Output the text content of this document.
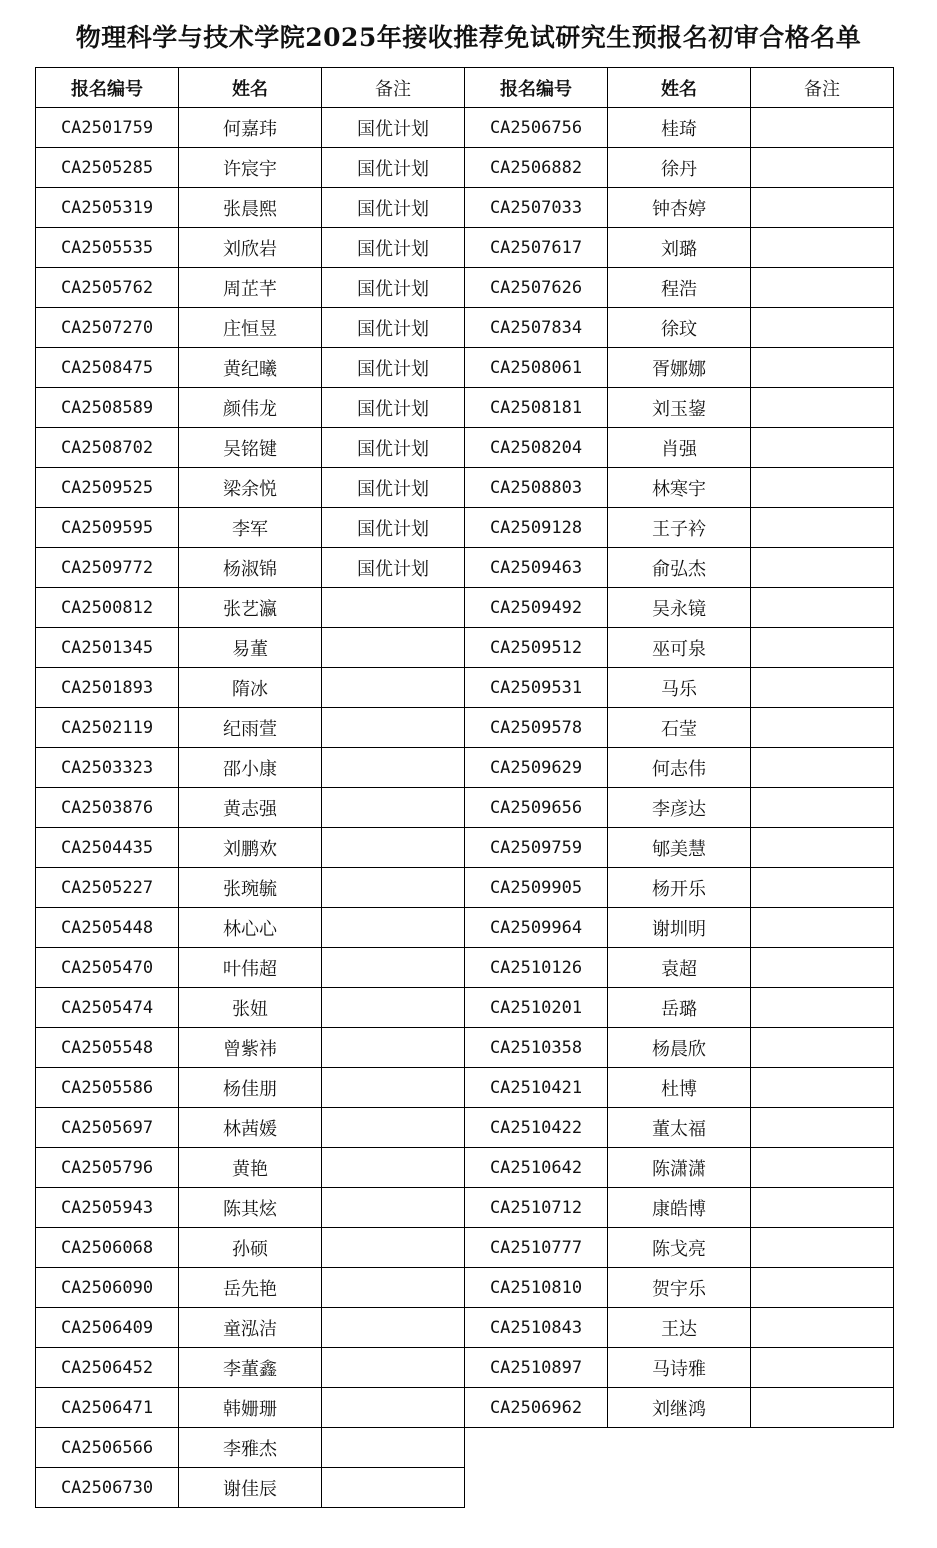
物理科学与技术学院2025年接收推荐免试研究生预报名初审合格名单
报名编号	姓名	备注	报名编号	姓名	备注
CA2501759	何嘉玮	国优计划	CA2506756	桂琦	
CA2505285	许宸宇	国优计划	CA2506882	徐丹	
CA2505319	张晨熙	国优计划	CA2507033	钟杏婷	
CA2505535	刘欣岩	国优计划	CA2507617	刘璐	
CA2505762	周芷芊	国优计划	CA2507626	程浩	
CA2507270	庄恒昱	国优计划	CA2507834	徐玟	
CA2508475	黄纪曦	国优计划	CA2508061	胥娜娜	
CA2508589	颜伟龙	国优计划	CA2508181	刘玉鋆	
CA2508702	吴铭键	国优计划	CA2508204	肖强	
CA2509525	梁余悦	国优计划	CA2508803	林寒宇	
CA2509595	李军	国优计划	CA2509128	王子衿	
CA2509772	杨淑锦	国优计划	CA2509463	俞弘杰	
CA2500812	张艺瀛		CA2509492	吴永镜	
CA2501345	易董		CA2509512	巫可泉	
CA2501893	隋冰		CA2509531	马乐	
CA2502119	纪雨萱		CA2509578	石莹	
CA2503323	邵小康		CA2509629	何志伟	
CA2503876	黄志强		CA2509656	李彦达	
CA2504435	刘鹏欢		CA2509759	郇美慧	
CA2505227	张琬毓		CA2509905	杨开乐	
CA2505448	林心心		CA2509964	谢圳明	
CA2505470	叶伟超		CA2510126	袁超	
CA2505474	张妞		CA2510201	岳璐	
CA2505548	曾紫祎		CA2510358	杨晨欣	
CA2505586	杨佳朋		CA2510421	杜博	
CA2505697	林茜媛		CA2510422	董太福	
CA2505796	黄艳		CA2510642	陈潇潇	
CA2505943	陈其炫		CA2510712	康皓博	
CA2506068	孙硕		CA2510777	陈戈亮	
CA2506090	岳先艳		CA2510810	贺宇乐	
CA2506409	童泓洁		CA2510843	王达	
CA2506452	李董鑫		CA2510897	马诗雅	
CA2506471	韩姗珊		CA2506962	刘继鸿	
CA2506566	李雅杰				
CA2506730	谢佳辰				
